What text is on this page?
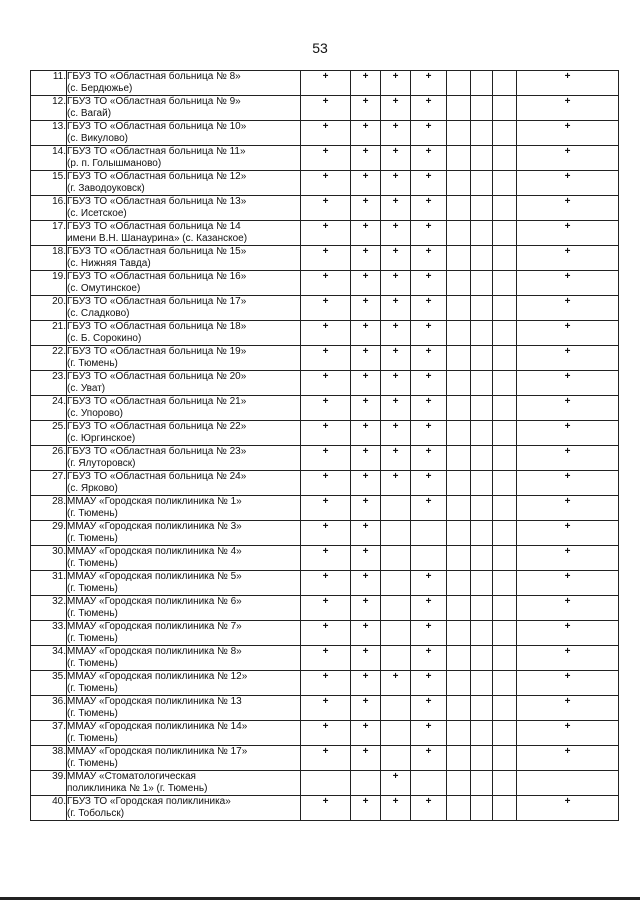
53
11.	ГБУЗ ТО «Областная больница № 8»
(с. Бердюжье)	+	+	+	+				+
12.	ГБУЗ ТО «Областная больница № 9»
(с. Вагай)	+	+	+	+				+
13.	ГБУЗ ТО «Областная больница № 10»
(с. Викулово)	+	+	+	+				+
14.	ГБУЗ ТО «Областная больница № 11»
(р. п. Голышманово)	+	+	+	+				+
15.	ГБУЗ ТО «Областная больница № 12»
(г. Заводоуковск)	+	+	+	+				+
16.	ГБУЗ ТО «Областная больница № 13»
(с. Исетское)	+	+	+	+				+
17.	ГБУЗ ТО «Областная больница № 14
имени В.Н. Шанаурина» (с. Казанское)	+	+	+	+				+
18.	ГБУЗ ТО «Областная больница № 15»
(с. Нижняя Тавда)	+	+	+	+				+
19.	ГБУЗ ТО «Областная больница № 16»
(с. Омутинское)	+	+	+	+				+
20.	ГБУЗ ТО «Областная больница № 17»
(с. Сладково)	+	+	+	+				+
21.	ГБУЗ ТО «Областная больница № 18»
(с. Б. Сорокино)	+	+	+	+				+
22.	ГБУЗ ТО «Областная больница № 19»
(г. Тюмень)	+	+	+	+				+
23.	ГБУЗ ТО «Областная больница № 20»
(с. Уват)	+	+	+	+				+
24.	ГБУЗ ТО «Областная больница № 21»
(с. Упорово)	+	+	+	+				+
25.	ГБУЗ ТО «Областная больница № 22»
(с. Юргинское)	+	+	+	+				+
26.	ГБУЗ ТО «Областная больница № 23»
(г. Ялуторовск)	+	+	+	+				+
27.	ГБУЗ ТО «Областная больница № 24»
(с. Ярково)	+	+	+	+				+
28.	ММАУ «Городская поликлиника № 1»
(г. Тюмень)	+	+		+				+
29.	ММАУ «Городская поликлиника № 3»
(г. Тюмень)	+	+						+
30.	ММАУ «Городская поликлиника № 4»
(г. Тюмень)	+	+						+
31.	ММАУ «Городская поликлиника № 5»
(г. Тюмень)	+	+		+				+
32.	ММАУ «Городская поликлиника № 6»
(г. Тюмень)	+	+		+				+
33.	ММАУ «Городская поликлиника № 7»
(г. Тюмень)	+	+		+				+
34.	ММАУ «Городская поликлиника № 8»
(г. Тюмень)	+	+		+				+
35.	ММАУ «Городская поликлиника № 12»
(г. Тюмень)	+	+	+	+				+
36.	ММАУ «Городская поликлиника № 13
(г. Тюмень)	+	+		+				+
37.	ММАУ «Городская поликлиника № 14»
(г. Тюмень)	+	+		+				+
38.	ММАУ «Городская поликлиника № 17»
(г. Тюмень)	+	+		+				+
39.	ММАУ «Стоматологическая
поликлиника № 1» (г. Тюмень)			+					
40.	ГБУЗ ТО «Городская поликлиника»
(г. Тобольск)	+	+	+	+				+
